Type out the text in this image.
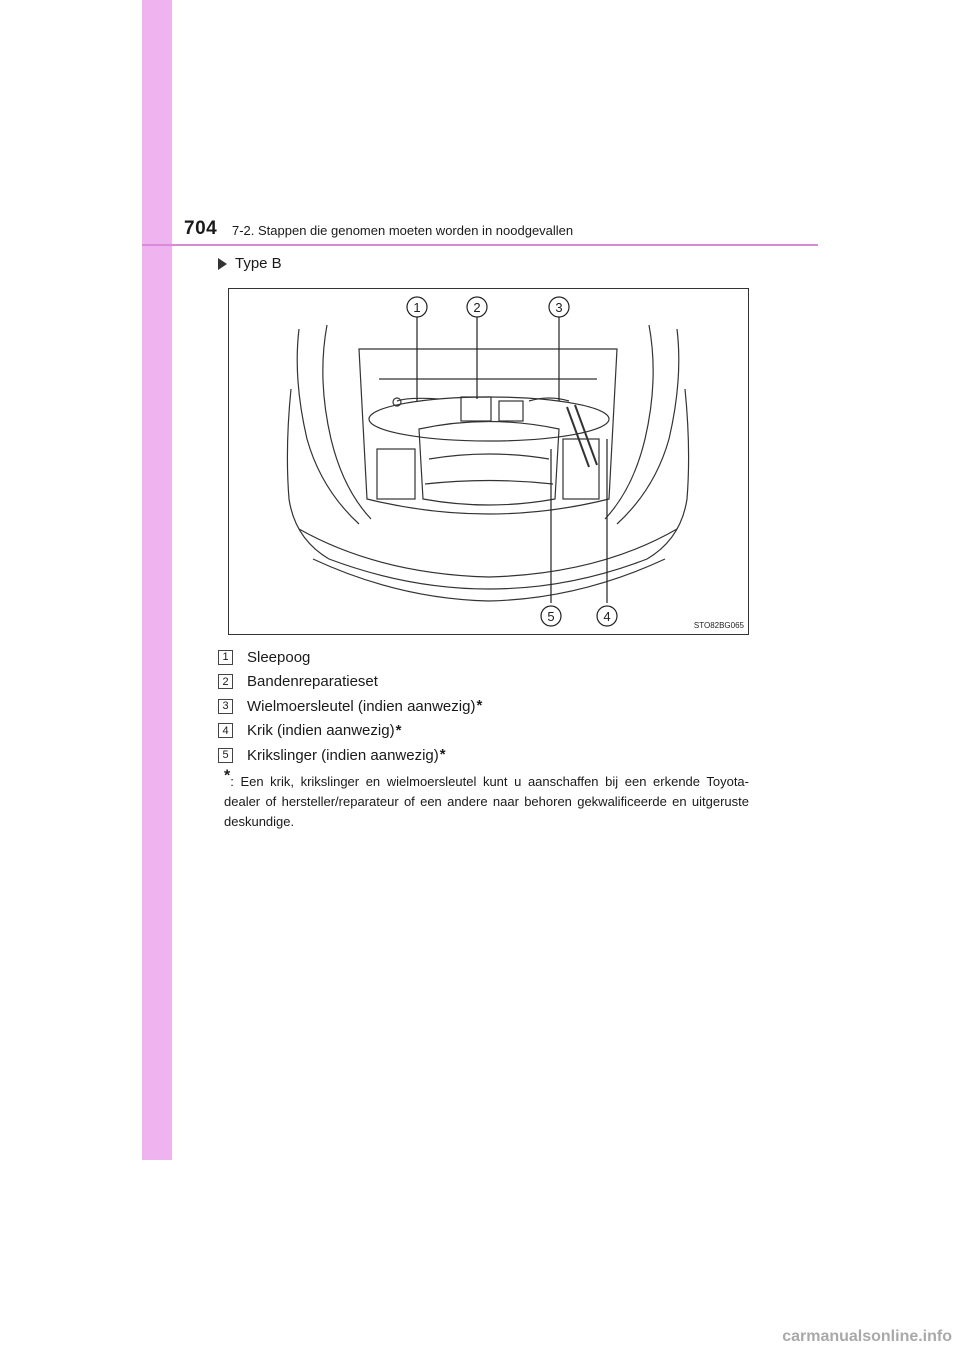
704 7-2. Stappen die genomen moeten worden in noodgevallen
Type B
1	2	3
5	4
STO82BG065
1 Sleepoog
2 Bandenreparatieset
3 Wielmoersleutel (indien aanwezig) *
4 Krik (indien aanwezig) *
5 Krikslinger (indien aanwezig) *
*: Een krik, krikslinger en wielmoersleutel kunt u aanschaffen bij een erkende Toyota-dealer of hersteller/reparateur of een andere naar behoren gekwalificeerde en uitgeruste deskundige.
carmanualsonline.info
